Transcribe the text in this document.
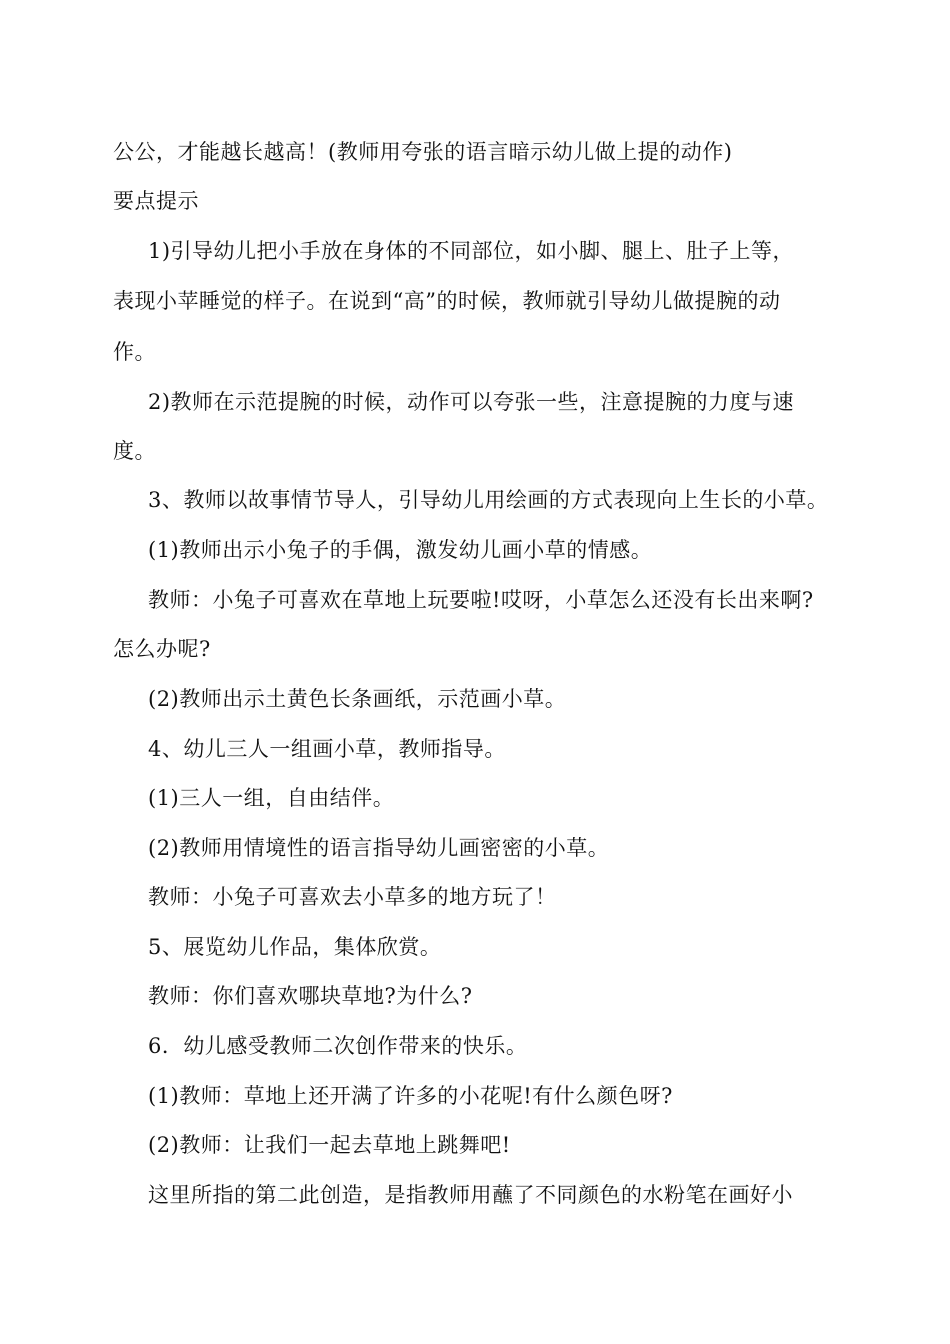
公公，才能越长越高！(教师用夸张的语言暗示幼儿做上提的动作)
要点提示
1)引导幼儿把小手放在身体的不同部位，如小脚、腿上、肚子上等，
表现小苹睡觉的样子。在说到“高”的时候，教师就引导幼儿做提腕的动
作。
2)教师在示范提腕的时候，动作可以夸张一些，注意提腕的力度与速
度。
3、教师以故事情节导人，引导幼儿用绘画的方式表现向上生长的小草。
(1)教师出示小兔子的手偶，激发幼儿画小草的情感。
教师：小兔子可喜欢在草地上玩要啦!哎呀，小草怎么还没有长出来啊?
怎么办呢?
(2)教师出示土黄色长条画纸，示范画小草。
4、幼儿三人一组画小草，教师指导。
(1)三人一组，自由结伴。
(2)教师用情境性的语言指导幼儿画密密的小草。
教师：小兔子可喜欢去小草多的地方玩了！
5、展览幼儿作品，集体欣赏。
教师：你们喜欢哪块草地?为什么?
6．幼儿感受教师二次创作带来的快乐。
(1)教师：草地上还开满了许多的小花呢!有什么颜色呀?
(2)教师：让我们一起去草地上跳舞吧!
这里所指的第二此创造，是指教师用蘸了不同颜色的水粉笔在画好小
